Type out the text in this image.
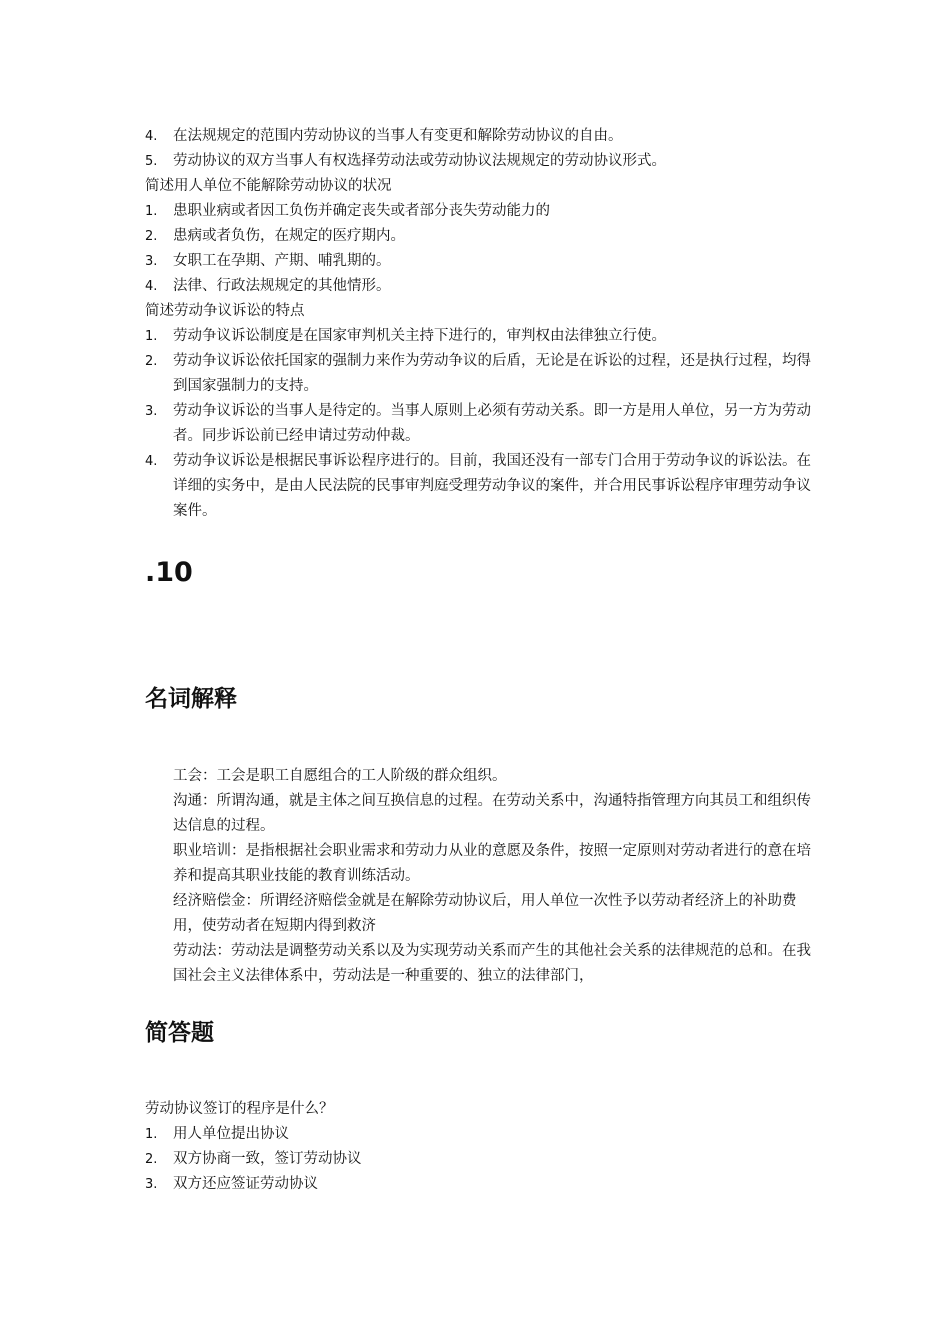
4. 在法规规定的范围内劳动协议的当事人有变更和解除劳动协议的自由。
5. 劳动协议的双方当事人有权选择劳动法或劳动协议法规规定的劳动协议形式。

简述用人单位不能解除劳动协议的状况

1. 患职业病或者因工负伤并确定丧失或者部分丧失劳动能力的
2. 患病或者负伤，在规定的医疗期内。
3. 女职工在孕期、产期、哺乳期的。
4. 法律、行政法规规定的其他情形。

简述劳动争议诉讼的特点

1. 劳动争议诉讼制度是在国家审判机关主持下进行的，审判权由法律独立行使。
2. 劳动争议诉讼依托国家的强制力来作为劳动争议的后盾，无论是在诉讼的过程，还是执行过程，均得到国家强制力的支持。
3. 劳动争议诉讼的当事人是待定的。当事人原则上必须有劳动关系。即一方是用人单位，另一方为劳动者。同步诉讼前已经申请过劳动仲裁。
4. 劳动争议诉讼是根据民事诉讼程序进行的。目前，我国还没有一部专门合用于劳动争议的诉讼法。在详细的实务中，是由人民法院的民事审判庭受理劳动争议的案件，并合用民事诉讼程序审理劳动争议案件。
.10
名词解释

工会：工会是职工自愿组合的工人阶级的群众组织。

沟通：所谓沟通，就是主体之间互换信息的过程。在劳动关系中，沟通特指管理方向其员工和组织传达信息的过程。

职业培训：是指根据社会职业需求和劳动力从业的意愿及条件，按照一定原则对劳动者进行的意在培养和提高其职业技能的教育训练活动。

经济赔偿金：所谓经济赔偿金就是在解除劳动协议后，用人单位一次性予以劳动者经济上的补助费用，使劳动者在短期内得到救济

劳动法：劳动法是调整劳动关系以及为实现劳动关系而产生的其他社会关系的法律规范的总和。在我国社会主义法律体系中，劳动法是一种重要的、独立的法律部门，

简答题

劳动协议签订的程序是什么？

1. 用人单位提出协议
2. 双方协商一致，签订劳动协议
3. 双方还应签证劳动协议
